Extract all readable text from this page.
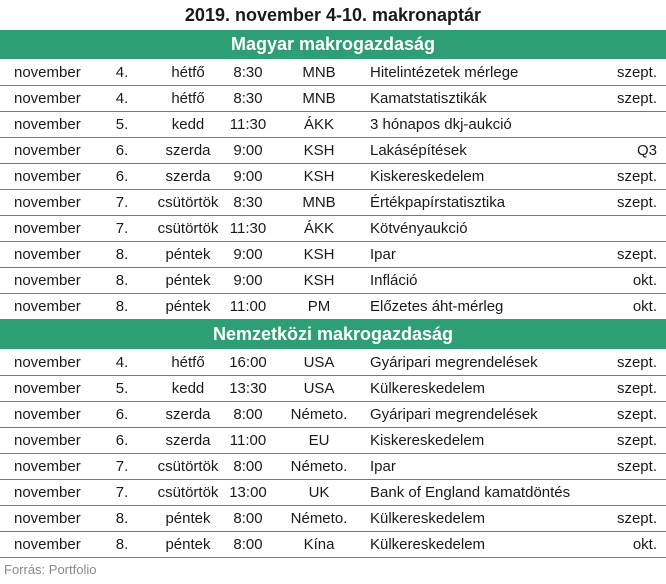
2019. november 4-10. makronaptár
Magyar makrogazdaság
november 4.	hétfő	8:30	MNB	Hitelintézetek mérlege	szept.
november 4.	hétfő	8:30	MNB	Kamatstatisztikák	szept.
november 5.	kedd	11:30	ÁKK	3 hónapos dkj-aukció
november 6.	szerda	9:00	KSH	Lakásépítések	Q3
november 6.	szerda	9:00	KSH	Kiskereskedelem	szept.
november 7.	csütörtök 8:30	MNB	Értékpapírstatisztika	szept.
november 7.	csütörtök 11:30	ÁKK	Kötvényaukció
november 8.	péntek	9:00	KSH	Ipar	szept.
november 8.	péntek	9:00	KSH	Infláció	okt.
november 8.	péntek	11:00	PM	Előzetes áht-mérleg	okt.
Nemzetközi makrogazdaság
november 4.	hétfő	16:00	USA	Gyáripari megrendelések	szept.
november 5.	kedd	13:30	USA	Külkereskedelem	szept.
november 6.	szerda	8:00	Németo.	Gyáripari megrendelések	szept.
november 6.	szerda	11:00	EU	Kiskereskedelem	szept.
november 7.	csütörtök 8:00	Németo.	Ipar	szept.
november 7.	csütörtök 13:00	UK	Bank of England kamatdöntés
november 8.	péntek	8:00	Németo.	Külkereskedelem	szept.
november 8.	péntek	8:00	Kína	Külkereskedelem	okt.
Forrás: Portfolio
